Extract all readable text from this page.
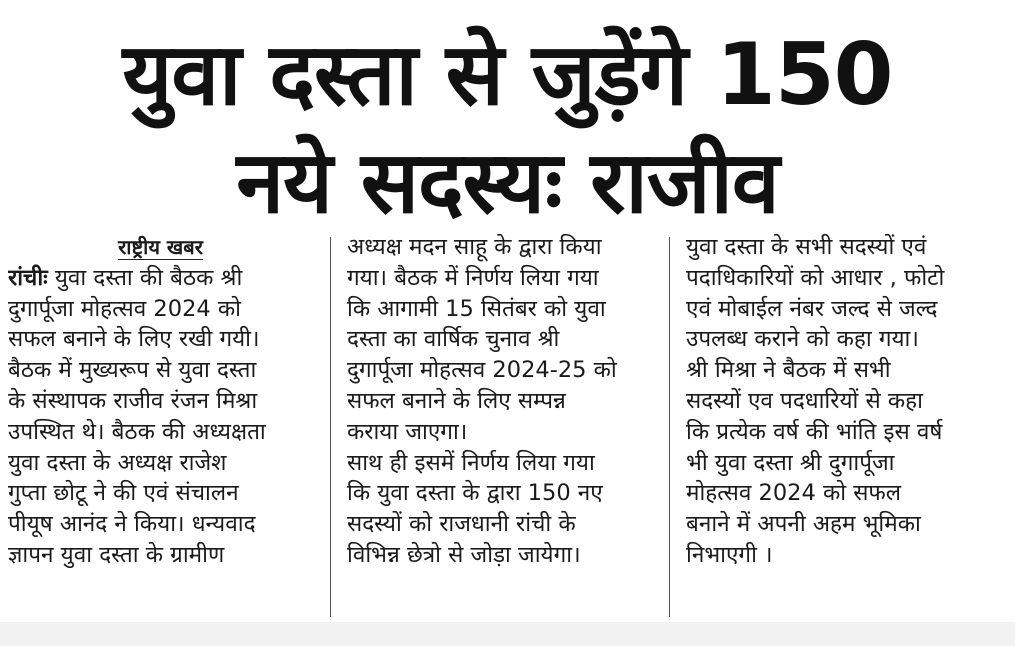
युवा दस्ता से जुड़ेंगे 150
नये सदस्यः राजीव
राष्ट्रीय खबर
रांचीः युवा दस्ता की बैठक श्री
दुगार्पूजा मोहत्सव 2024 को
सफल बनाने के लिए रखी गयी।
बैठक में मुख्यरूप से युवा दस्ता
के संस्थापक राजीव रंजन मिश्रा
उपस्थित थे। बैठक की अध्यक्षता
युवा दस्ता के अध्यक्ष राजेश
गुप्ता छोटू ने की एवं संचालन
पीयूष आनंद ने किया। धन्यवाद
ज्ञापन युवा दस्ता के ग्रामीण
अध्यक्ष मदन साहू के द्वारा किया
गया। बैठक में निर्णय लिया गया
कि आगामी 15 सितंबर को युवा
दस्ता का वार्षिक चुनाव श्री
दुगार्पूजा मोहत्सव 2024-25 को
सफल बनाने के लिए सम्पन्न
कराया जाएगा।
साथ ही इसमें निर्णय लिया गया
कि युवा दस्ता के द्वारा 150 नए
सदस्यों को राजधानी रांची के
विभिन्न छेत्रो से जोड़ा जायेगा।
युवा दस्ता के सभी सदस्यों एवं
पदाधिकारियों को आधार , फोटो
एवं मोबाईल नंबर जल्द से जल्द
उपलब्ध कराने को कहा गया।
श्री मिश्रा ने बैठक में सभी
सदस्यों एव पदधारियों से कहा
कि प्रत्येक वर्ष की भांति इस वर्ष
भी युवा दस्ता श्री दुगार्पूजा
मोहत्सव 2024 को सफल
बनाने में अपनी अहम भूमिका
निभाएगी ।
